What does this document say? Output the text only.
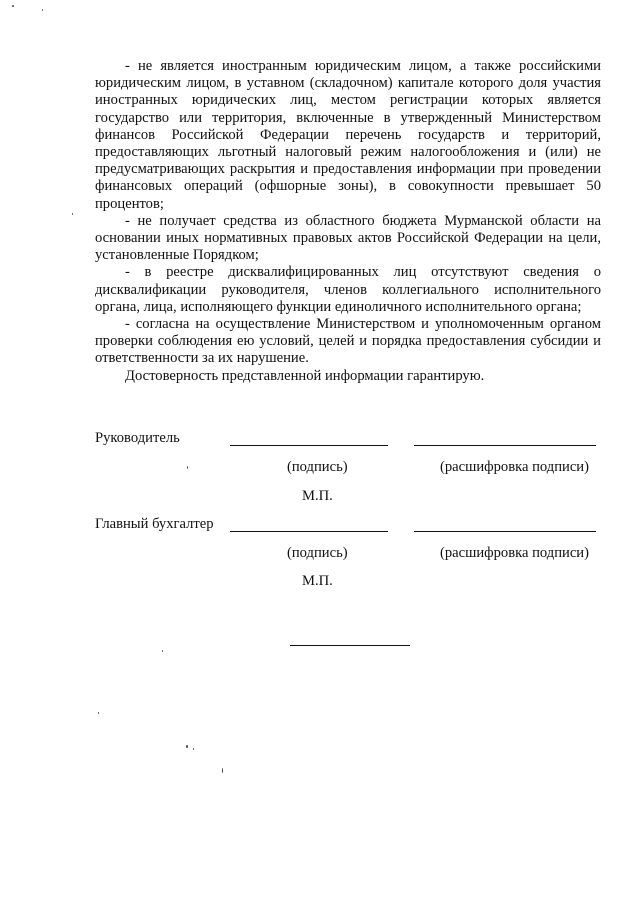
- не является иностранным юридическим лицом, а также российскими юридическим лицом, в уставном (складочном) капитале которого доля участия иностранных юридических лиц, местом регистрации которых является государство или территория, включенные в утвержденный Министерством финансов Российской Федерации перечень государств и территорий, предоставляющих льготный налоговый режим налогообложения и (или) не предусматривающих раскрытия и предоставления информации при проведении финансовых операций (офшорные зоны), в совокупности превышает 50 процентов;

- не получает средства из областного бюджета Мурманской области на основании иных нормативных правовых актов Российской Федерации на цели, установленные Порядком;

- в реестре дисквалифицированных лиц отсутствуют сведения о дисквалификации руководителя, членов коллегиального исполнительного органа, лица, исполняющего функции единоличного исполнительного органа;

- согласна на осуществление Министерством и уполномоченным органом проверки соблюдения ею условий, целей и порядка предоставления субсидии и ответственности за их нарушение.

Достоверность представленной информации гарантирую.

Руководитель
(подпись)	(расшифровка подписи)
М.П.
Главный бухгалтер
(подпись)	(расшифровка подписи)
М.П.
